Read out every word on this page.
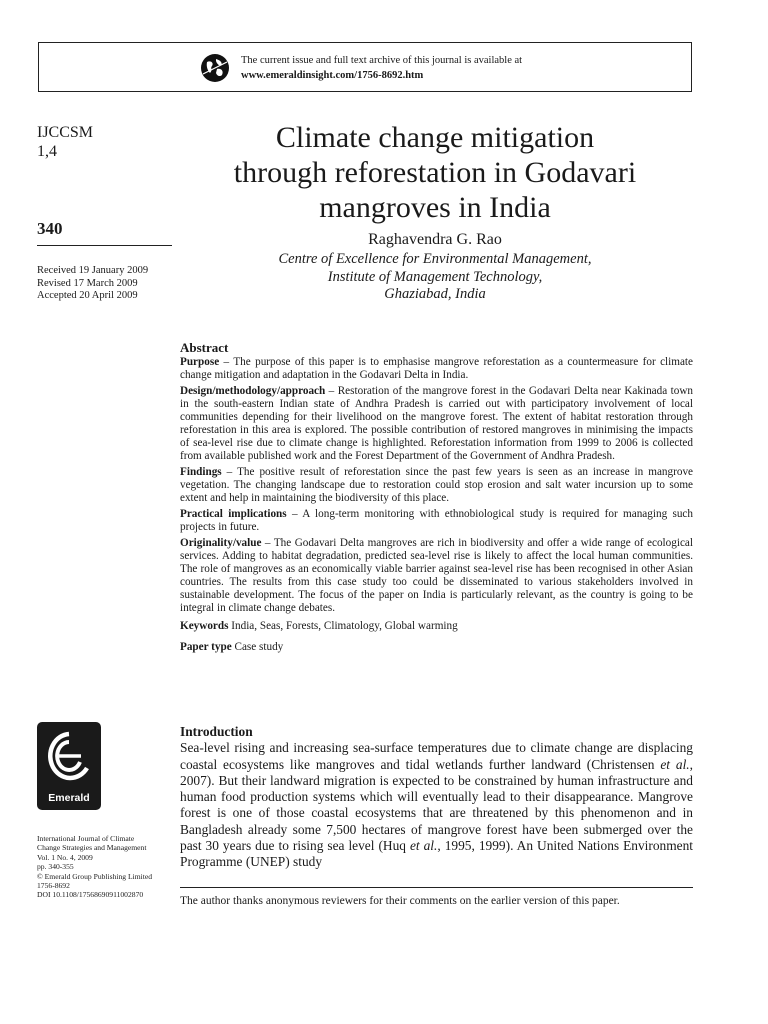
The current issue and full text archive of this journal is available at
www.emeraldinsight.com/1756-8692.htm
IJCCSM
1,4
340
Received 19 January 2009
Revised 17 March 2009
Accepted 20 April 2009
Climate change mitigation
through reforestation in Godavari
mangroves in India
Raghavendra G. Rao
Centre of Excellence for Environmental Management,
Institute of Management Technology,
Ghaziabad, India
Abstract

Purpose – The purpose of this paper is to emphasise mangrove reforestation as a countermeasure for climate change mitigation and adaptation in the Godavari Delta in India.

Design/methodology/approach – Restoration of the mangrove forest in the Godavari Delta near Kakinada town in the south-eastern Indian state of Andhra Pradesh is carried out with participatory involvement of local communities depending for their livelihood on the mangrove forest. The extent of habitat restoration through reforestation in this area is explored. The possible contribution of restored mangroves in minimising the impacts of sea-level rise due to climate change is highlighted. Reforestation information from 1999 to 2006 is collected from available published work and the Forest Department of the Government of Andhra Pradesh.

Findings – The positive result of reforestation since the past few years is seen as an increase in mangrove vegetation. The changing landscape due to restoration could stop erosion and salt water incursion up to some extent and help in maintaining the biodiversity of this place.

Practical implications – A long-term monitoring with ethnobiological study is required for managing such projects in future.

Originality/value – The Godavari Delta mangroves are rich in biodiversity and offer a wide range of ecological services. Adding to habitat degradation, predicted sea-level rise is likely to affect the local human communities. The role of mangroves as an economically viable barrier against sea-level rise has been recognised in other Asian countries. The results from this case study too could be disseminated to various stakeholders involved in sustainable development. The focus of the paper on India is particularly relevant, as the country is going to be integral in climate change debates.

Keywords India, Seas, Forests, Climatology, Global warming

Paper type Case study

Introduction

Sea-level rising and increasing sea-surface temperatures due to climate change are displacing coastal ecosystems like mangroves and tidal wetlands further landward (Christensen et al., 2007). But their landward migration is expected to be constrained by human infrastructure and human food production systems which will eventually lead to their disappearance. Mangrove forest is one of those coastal ecosystems that are threatened by this phenomenon and in Bangladesh already some 7,500 hectares of mangrove forest have been submerged over the past 30 years due to rising sea level (Huq et al., 1995, 1999). An United Nations Environment Programme (UNEP) study

The author thanks anonymous reviewers for their comments on the earlier version of this paper.
Emerald
International Journal of Climate
Change Strategies and Management
Vol. 1 No. 4, 2009
pp. 340-355
© Emerald Group Publishing Limited
1756-8692
DOI 10.1108/17568690911002870
